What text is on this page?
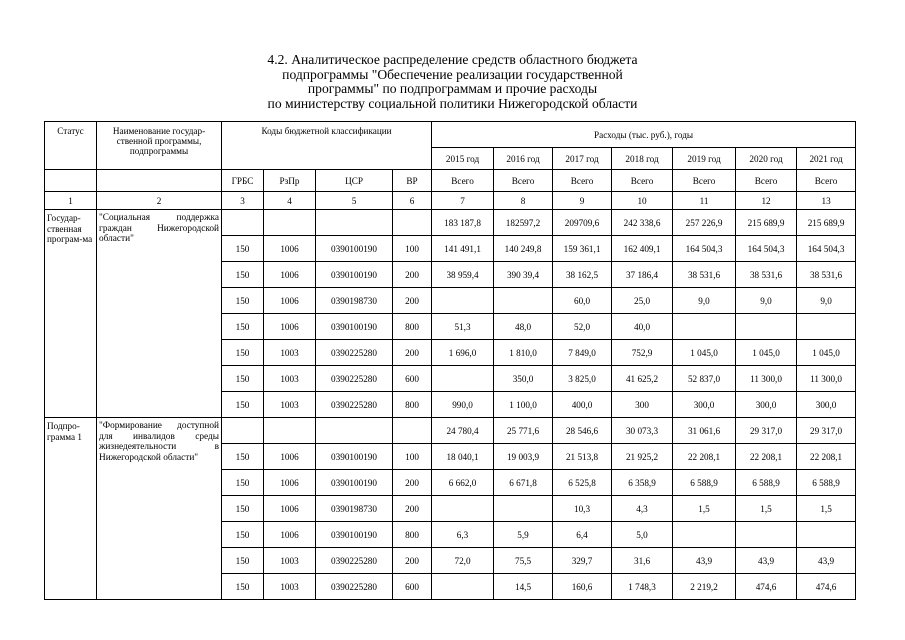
4.2. Аналитическое распределение средств областного бюджета
подпрограммы "Обеспечение реализации государственной
программы" по подпрограммам и прочие расходы
по министерству социальной политики Нижегородской области
Статус	Наименование государ-ственной программы, подпрограммы	Коды бюджетной классификации				Расходы (тыс. руб.), годы						
						2015 год	2016 год	2017 год	2018 год	2019 год	2020 год	2021 год
		ГРБС	РзПр	ЦСР	ВР	Всего	Всего	Всего	Всего	Всего	Всего	Всего
1	2	3	4	5	6	7	8	9	10	11	12	13
Государ-ственная програм-ма	"Социальная поддержка граждан Нижегородской области"					183 187,8	182597,2	209709,6	242 338,6	257 226,9	215 689,9	215 689,9
		150	1006	0390100190	100	141 491,1	140 249,8	159 361,1	162 409,1	164 504,3	164 504,3	164 504,3
		150	1006	0390100190	200	38 959,4	390 39,4	38 162,5	37 186,4	38 531,6	38 531,6	38 531,6
		150	1006	0390198730	200			60,0	25,0	9,0	9,0	9,0
		150	1006	0390100190	800	51,3	48,0	52,0	40,0			
		150	1003	0390225280	200	1 696,0	1 810,0	7 849,0	752,9	1 045,0	1 045,0	1 045,0
		150	1003	0390225280	600		350,0	3 825,0	41 625,2	52 837,0	11 300,0	11 300,0
		150	1003	0390225280	800	990,0	1 100,0	400,0	300	300,0	300,0	300,0
Подпро-грамма 1	"Формирование доступной для инвалидов среды жизнедеятельности в Нижегородской области"					24 780,4	25 771,6	28 546,6	30 073,3	31 061,6	29 317,0	29 317,0
		150	1006	0390100190	100	18 040,1	19 003,9	21 513,8	21 925,2	22 208,1	22 208,1	22 208,1
		150	1006	0390100190	200	6 662,0	6 671,8	6 525,8	6 358,9	6 588,9	6 588,9	6 588,9
		150	1006	0390198730	200			10,3	4,3	1,5	1,5	1,5
		150	1006	0390100190	800	6,3	5,9	6,4	5,0			
		150	1003	0390225280	200	72,0	75,5	329,7	31,6	43,9	43,9	43,9
		150	1003	0390225280	600		14,5	160,6	1 748,3	2 219,2	474,6	474,6
